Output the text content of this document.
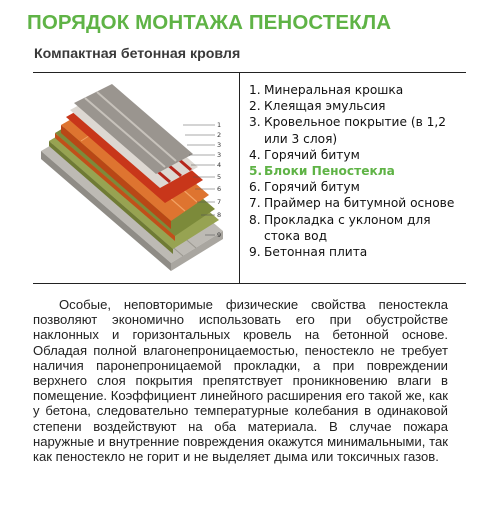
ПОРЯДОК МОНТАЖА ПЕНОСТЕКЛА
Компактная бетонная кровля
1
2
3
3
4
5
6
7
8
9
1. Минеральная крошка
2. Клеящая эмульсия
3. Кровельное покрытие (в 1,2 или 3 слоя)
4. Горячий битум
5. Блоки Пеностекла
6. Горячий битум
7. Праймер на битумной основе
8. Прокладка с уклоном для стока вод
9. Бетонная плита

Особые, неповторимые физические свойства пеностекла позволяют экономично использовать его при обустройстве наклонных и горизонтальных кровель на бетонной основе. Обладая полной влагонепроницаемостью, пеностекло не требует наличия паронепроницаемой прокладки, а при повреждении верхнего слоя покрытия препятствует проникновению влаги в помещение. Коэффициент линейного расширения его такой же, как у бетона, следовательно температурные колебания в одинаковой степени воздействуют на оба материала. В случае пожара наружные и внутренние повреждения окажутся минимальными, так как пеностекло не горит и не выделяет дыма или токсичных газов.
